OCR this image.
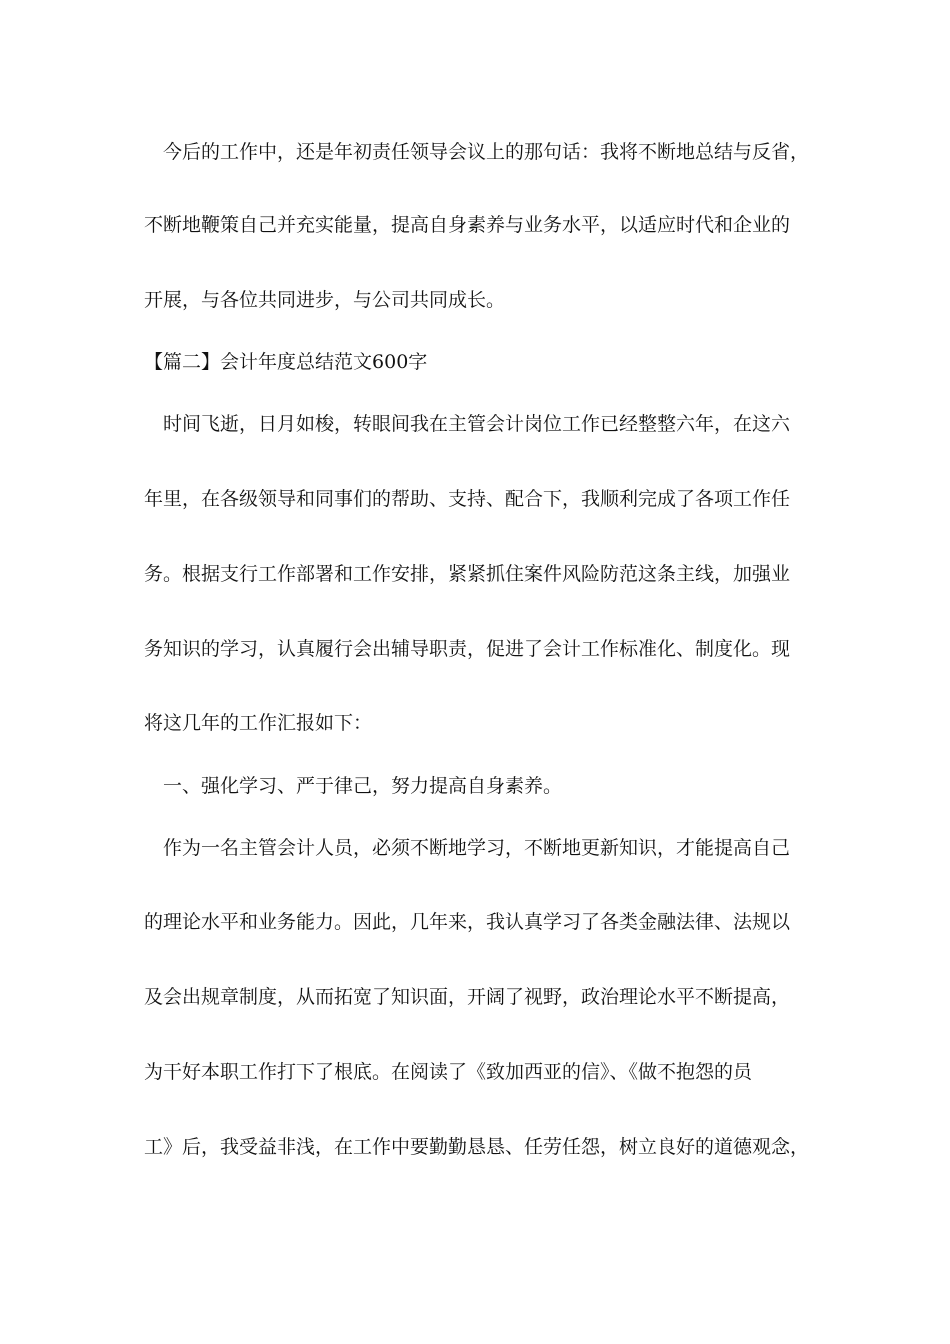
今后的工作中，还是年初责任领导会议上的那句话：我将不断地总结与反省，
不断地鞭策自己并充实能量，提高自身素养与业务水平，以适应时代和企业的
开展，与各位共同进步，与公司共同成长。
【篇二】会计年度总结范文600字
时间飞逝，日月如梭，转眼间我在主管会计岗位工作已经整整六年，在这六
年里，在各级领导和同事们的帮助、支持、配合下，我顺利完成了各项工作任
务。根据支行工作部署和工作安排，紧紧抓住案件风险防范这条主线，加强业
务知识的学习，认真履行会出辅导职责，促进了会计工作标准化、制度化。现
将这几年的工作汇报如下：
一、强化学习、严于律己，努力提高自身素养。
作为一名主管会计人员，必须不断地学习，不断地更新知识，才能提高自己
的理论水平和业务能力。因此，几年来，我认真学习了各类金融法律、法规以
及会出规章制度，从而拓宽了知识面，开阔了视野，政治理论水平不断提高，
为干好本职工作打下了根底。在阅读了《致加西亚的信》、《做不抱怨的员
工》后，我受益非浅，在工作中要勤勤恳恳、任劳任怨，树立良好的道德观念，
